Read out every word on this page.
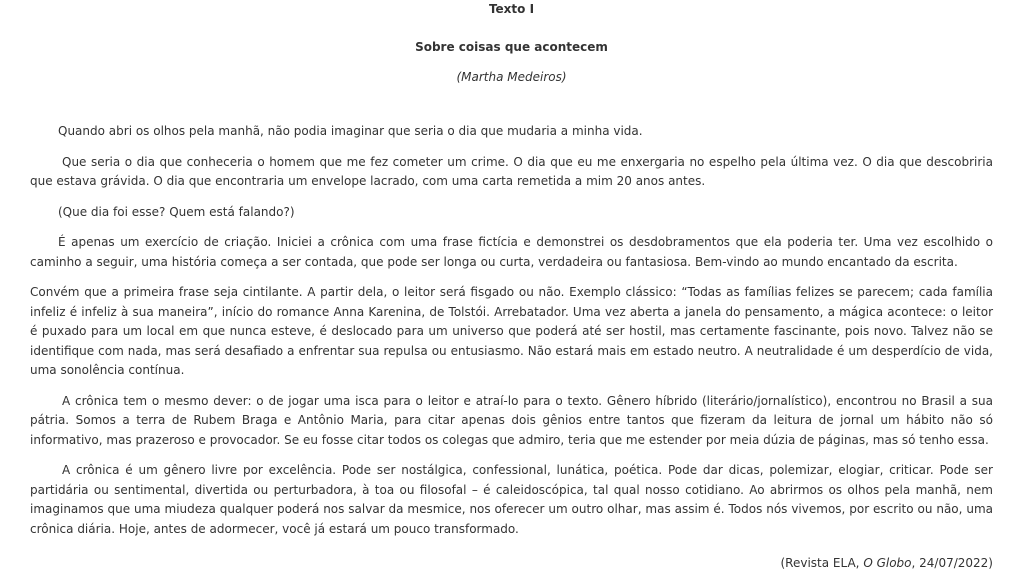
Texto I
Sobre coisas que acontecem
(Martha Medeiros)

Quando abri os olhos pela manhã, não podia imaginar que seria o dia que mudaria a minha vida.

Que seria o dia que conheceria o homem que me fez cometer um crime. O dia que eu me enxergaria no espelho pela última vez. O dia que descobriria que estava grávida. O dia que encontraria um envelope lacrado, com uma carta remetida a mim 20 anos antes.

(Que dia foi esse? Quem está falando?)

É apenas um exercício de criação. Iniciei a crônica com uma frase fictícia e demonstrei os desdobramentos que ela poderia ter. Uma vez escolhido o caminho a seguir, uma história começa a ser contada, que pode ser longa ou curta, verdadeira ou fantasiosa. Bem-vindo ao mundo encantado da escrita.

Convém que a primeira frase seja cintilante. A partir dela, o leitor será fisgado ou não. Exemplo clássico: “Todas as famílias felizes se parecem; cada família infeliz é infeliz à sua maneira”, início do romance Anna Karenina, de Tolstói. Arrebatador. Uma vez aberta a janela do pensamento, a mágica acontece: o leitor é puxado para um local em que nunca esteve, é deslocado para um universo que poderá até ser hostil, mas certamente fascinante, pois novo. Talvez não se identifique com nada, mas será desafiado a enfrentar sua repulsa ou entusiasmo. Não estará mais em estado neutro. A neutralidade é um desperdício de vida, uma sonolência contínua.

A crônica tem o mesmo dever: o de jogar uma isca para o leitor e atraí-lo para o texto. Gênero híbrido (literário/jornalístico), encontrou no Brasil a sua pátria. Somos a terra de Rubem Braga e Antônio Maria, para citar apenas dois gênios entre tantos que fizeram da leitura de jornal um hábito não só informativo, mas prazeroso e provocador. Se eu fosse citar todos os colegas que admiro, teria que me estender por meia dúzia de páginas, mas só tenho essa.

A crônica é um gênero livre por excelência. Pode ser nostálgica, confessional, lunática, poética. Pode dar dicas, polemizar, elogiar, criticar. Pode ser partidária ou sentimental, divertida ou perturbadora, à toa ou filosofal – é caleidoscópica, tal qual nosso cotidiano. Ao abrirmos os olhos pela manhã, nem imaginamos que uma miudeza qualquer poderá nos salvar da mesmice, nos oferecer um outro olhar, mas assim é. Todos nós vivemos, por escrito ou não, uma crônica diária. Hoje, antes de adormecer, você já estará um pouco transformado.

(Revista ELA, O Globo, 24/07/2022)
